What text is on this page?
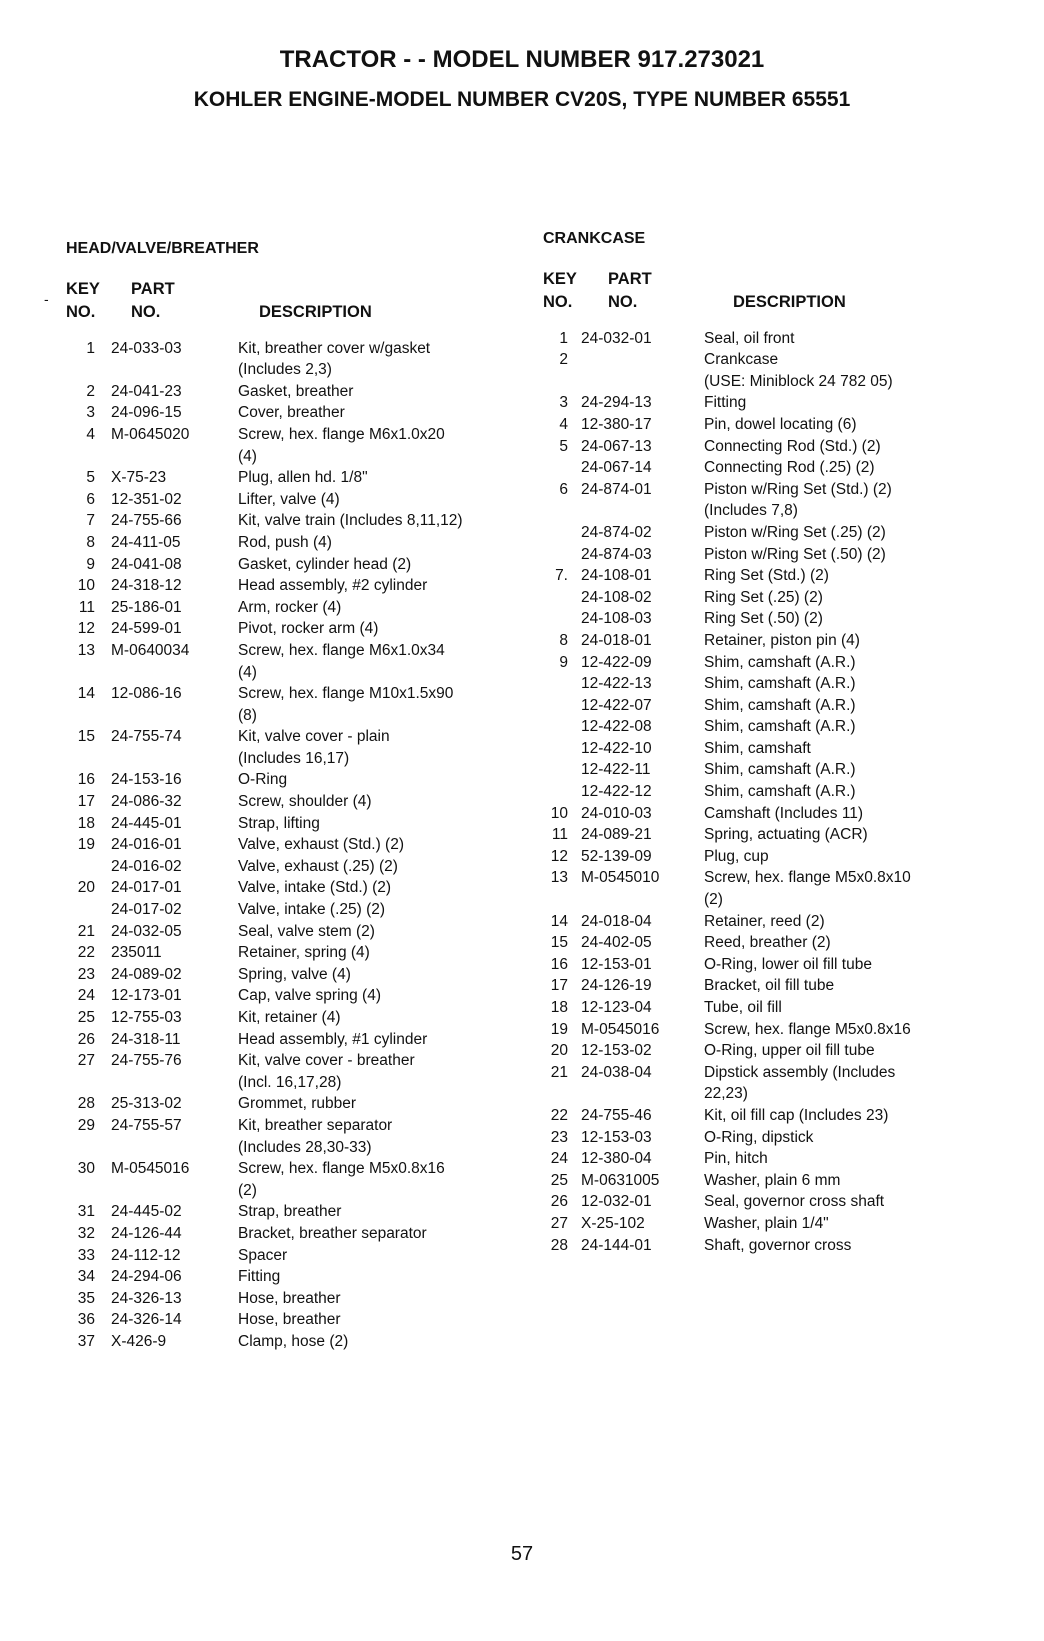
TRACTOR - - MODEL NUMBER 917.273021
KOHLER ENGINE-MODEL NUMBER CV20S, TYPE NUMBER 65551
-
HEAD/VALVE/BREATHER
KEY
NO.
PART
NO.	DESCRIPTION
1	24-033-03	Kit, breather cover w/gasket
(Includes 2,3)
2	24-041-23	Gasket, breather
3	24-096-15	Cover, breather
4	M-0645020	Screw, hex. flange M6x1.0x20
(4)
5	X-75-23	Plug, allen hd. 1/8"
6	12-351-02	Lifter, valve (4)
7	24-755-66	Kit, valve train (Includes 8,11,12)
8	24-411-05	Rod, push (4)
9	24-041-08	Gasket, cylinder head (2)
10	24-318-12	Head assembly, #2 cylinder
11	25-186-01	Arm, rocker (4)
12	24-599-01	Pivot, rocker arm (4)
13	M-0640034	Screw, hex. flange M6x1.0x34
(4)
14	12-086-16	Screw, hex. flange M10x1.5x90
(8)
15	24-755-74	Kit, valve cover - plain
(Includes 16,17)
16	24-153-16	O-Ring
17	24-086-32	Screw, shoulder (4)
18	24-445-01	Strap, lifting
19	24-016-01	Valve, exhaust (Std.) (2)
24-016-02	Valve, exhaust (.25) (2)
20	24-017-01	Valve, intake (Std.) (2)
24-017-02	Valve, intake (.25) (2)
21	24-032-05	Seal, valve stem (2)
22	235011	Retainer, spring (4)
23	24-089-02	Spring, valve (4)
24	12-173-01	Cap, valve spring (4)
25	12-755-03	Kit, retainer (4)
26	24-318-11	Head assembly, #1 cylinder
27	24-755-76	Kit, valve cover - breather
(Incl. 16,17,28)
28	25-313-02	Grommet, rubber
29	24-755-57	Kit, breather separator
(Includes 28,30-33)
30	M-0545016	Screw, hex. flange M5x0.8x16
(2)
31	24-445-02	Strap, breather
32	24-126-44	Bracket, breather separator
33	24-112-12	Spacer
34	24-294-06	Fitting
35	24-326-13	Hose, breather
36	24-326-14	Hose, breather
37	X-426-9	Clamp, hose (2)
CRANKCASE
KEY
NO.
PART
NO.	DESCRIPTION
1 24-032-01	Seal, oil front
2	Crankcase
(USE: Miniblock 24 782 05)
3 24-294-13	Fitting
4 12-380-17	Pin, dowel locating (6)
5 24-067-13	Connecting Rod (Std.) (2)
24-067-14	Connecting Rod (.25) (2)
6 24-874-01	Piston w/Ring Set (Std.) (2)
(Includes 7,8)
24-874-02	Piston w/Ring Set (.25) (2)
24-874-03	Piston w/Ring Set (.50) (2)
7. 24-108-01	Ring Set (Std.) (2)
24-108-02	Ring Set (.25) (2)
24-108-03	Ring Set (.50) (2)
8 24-018-01	Retainer, piston pin (4)
9 12-422-09	Shim, camshaft (A.R.)
12-422-13	Shim, camshaft (A.R.)
12-422-07	Shim, camshaft (A.R.)
12-422-08	Shim, camshaft (A.R.)
12-422-10	Shim, camshaft
12-422-11	Shim, camshaft (A.R.)
12-422-12	Shim, camshaft (A.R.)
10 24-010-03	Camshaft (Includes 11)
11 24-089-21	Spring, actuating (ACR)
12 52-139-09	Plug, cup
13 M-0545010	Screw, hex. flange M5x0.8x10
(2)
14 24-018-04	Retainer, reed (2)
15 24-402-05	Reed, breather (2)
16 12-153-01	O-Ring, lower oil fill tube
17 24-126-19	Bracket, oil fill tube
18 12-123-04	Tube, oil fill
19 M-0545016	Screw, hex. flange M5x0.8x16
20 12-153-02	O-Ring, upper oil fill tube
21 24-038-04	Dipstick assembly (Includes
22,23)
22 24-755-46	Kit, oil fill cap (Includes 23)
23 12-153-03	O-Ring, dipstick
24 12-380-04	Pin, hitch
25 M-0631005	Washer, plain 6 mm
26 12-032-01	Seal, governor cross shaft
27 X-25-102	Washer, plain 1/4"
28 24-144-01	Shaft, governor cross
57
